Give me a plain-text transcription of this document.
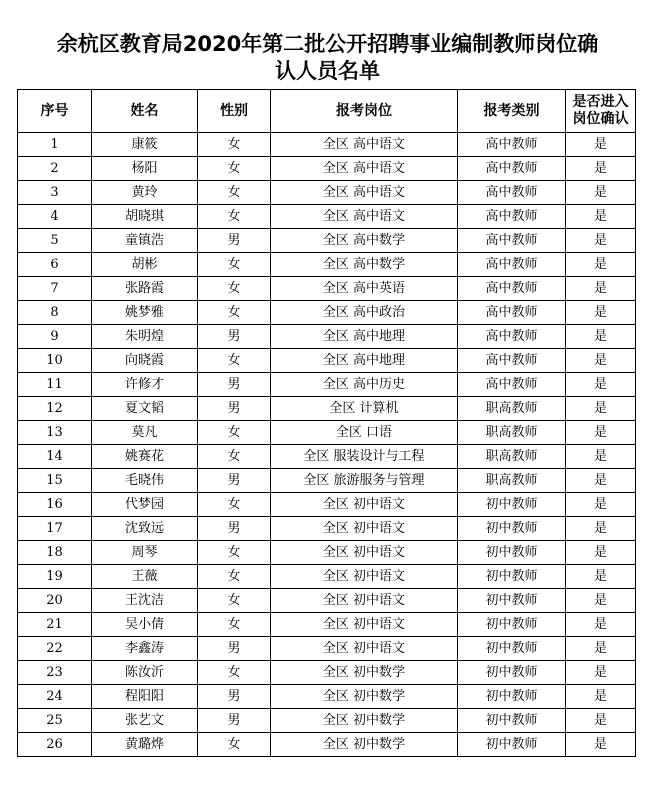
余杭区教育局2020年第二批公开招聘事业编制教师岗位确
认人员名单
序号	姓名	性别	报考岗位	报考类别	是否进入岗位确认
1	康筱	女	全区 高中语文	高中教师	是
2	杨阳	女	全区 高中语文	高中教师	是
3	黄玲	女	全区 高中语文	高中教师	是
4	胡晓琪	女	全区 高中语文	高中教师	是
5	童镇浩	男	全区 高中数学	高中教师	是
6	胡彬	女	全区 高中数学	高中教师	是
7	张路霞	女	全区 高中英语	高中教师	是
8	姚梦雅	女	全区 高中政治	高中教师	是
9	朱明煌	男	全区 高中地理	高中教师	是
10	向晓霞	女	全区 高中地理	高中教师	是
11	许修才	男	全区 高中历史	高中教师	是
12	夏文韬	男	全区 计算机	职高教师	是
13	莫凡	女	全区 口语	职高教师	是
14	姚赛花	女	全区 服装设计与工程	职高教师	是
15	毛晓伟	男	全区 旅游服务与管理	职高教师	是
16	代梦园	女	全区 初中语文	初中教师	是
17	沈致远	男	全区 初中语文	初中教师	是
18	周琴	女	全区 初中语文	初中教师	是
19	王薇	女	全区 初中语文	初中教师	是
20	王沈洁	女	全区 初中语文	初中教师	是
21	吴小倩	女	全区 初中语文	初中教师	是
22	李鑫涛	男	全区 初中语文	初中教师	是
23	陈汝沂	女	全区 初中数学	初中教师	是
24	程阳阳	男	全区 初中数学	初中教师	是
25	张艺文	男	全区 初中数学	初中教师	是
26	黄璐烨	女	全区 初中数学	初中教师	是
